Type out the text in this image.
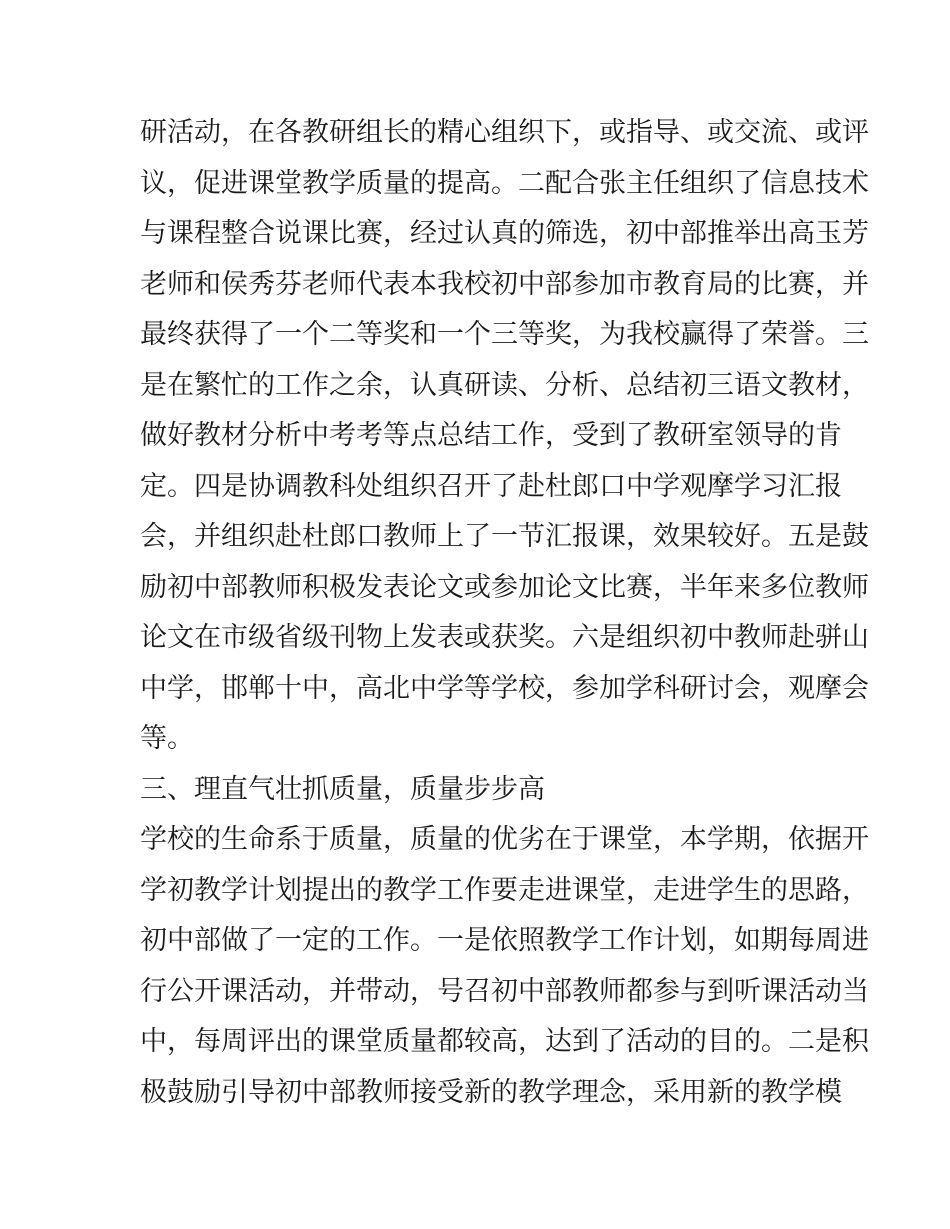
研活动，在各教研组长的精心组织下，或指导、或交流、或评
议，促进课堂教学质量的提高。二配合张主任组织了信息技术
与课程整合说课比赛，经过认真的筛选，初中部推举出高玉芳
老师和侯秀芬老师代表本我校初中部参加市教育局的比赛，并
最终获得了一个二等奖和一个三等奖，为我校赢得了荣誉。三
是在繁忙的工作之余，认真研读、分析、总结初三语文教材，
做好教材分析中考考等点总结工作，受到了教研室领导的肯
定。四是协调教科处组织召开了赴杜郎口中学观摩学习汇报
会，并组织赴杜郎口教师上了一节汇报课，效果较好。五是鼓
励初中部教师积极发表论文或参加论文比赛，半年来多位教师
论文在市级省级刊物上发表或获奖。六是组织初中教师赴骈山
中学，邯郸十中，高北中学等学校，参加学科研讨会，观摩会
等。
三、理直气壮抓质量，质量步步高
学校的生命系于质量，质量的优劣在于课堂，本学期，依据开
学初教学计划提出的教学工作要走进课堂，走进学生的思路，
初中部做了一定的工作。一是依照教学工作计划，如期每周进
行公开课活动，并带动，号召初中部教师都参与到听课活动当
中，每周评出的课堂质量都较高，达到了活动的目的。二是积
极鼓励引导初中部教师接受新的教学理念，采用新的教学模
